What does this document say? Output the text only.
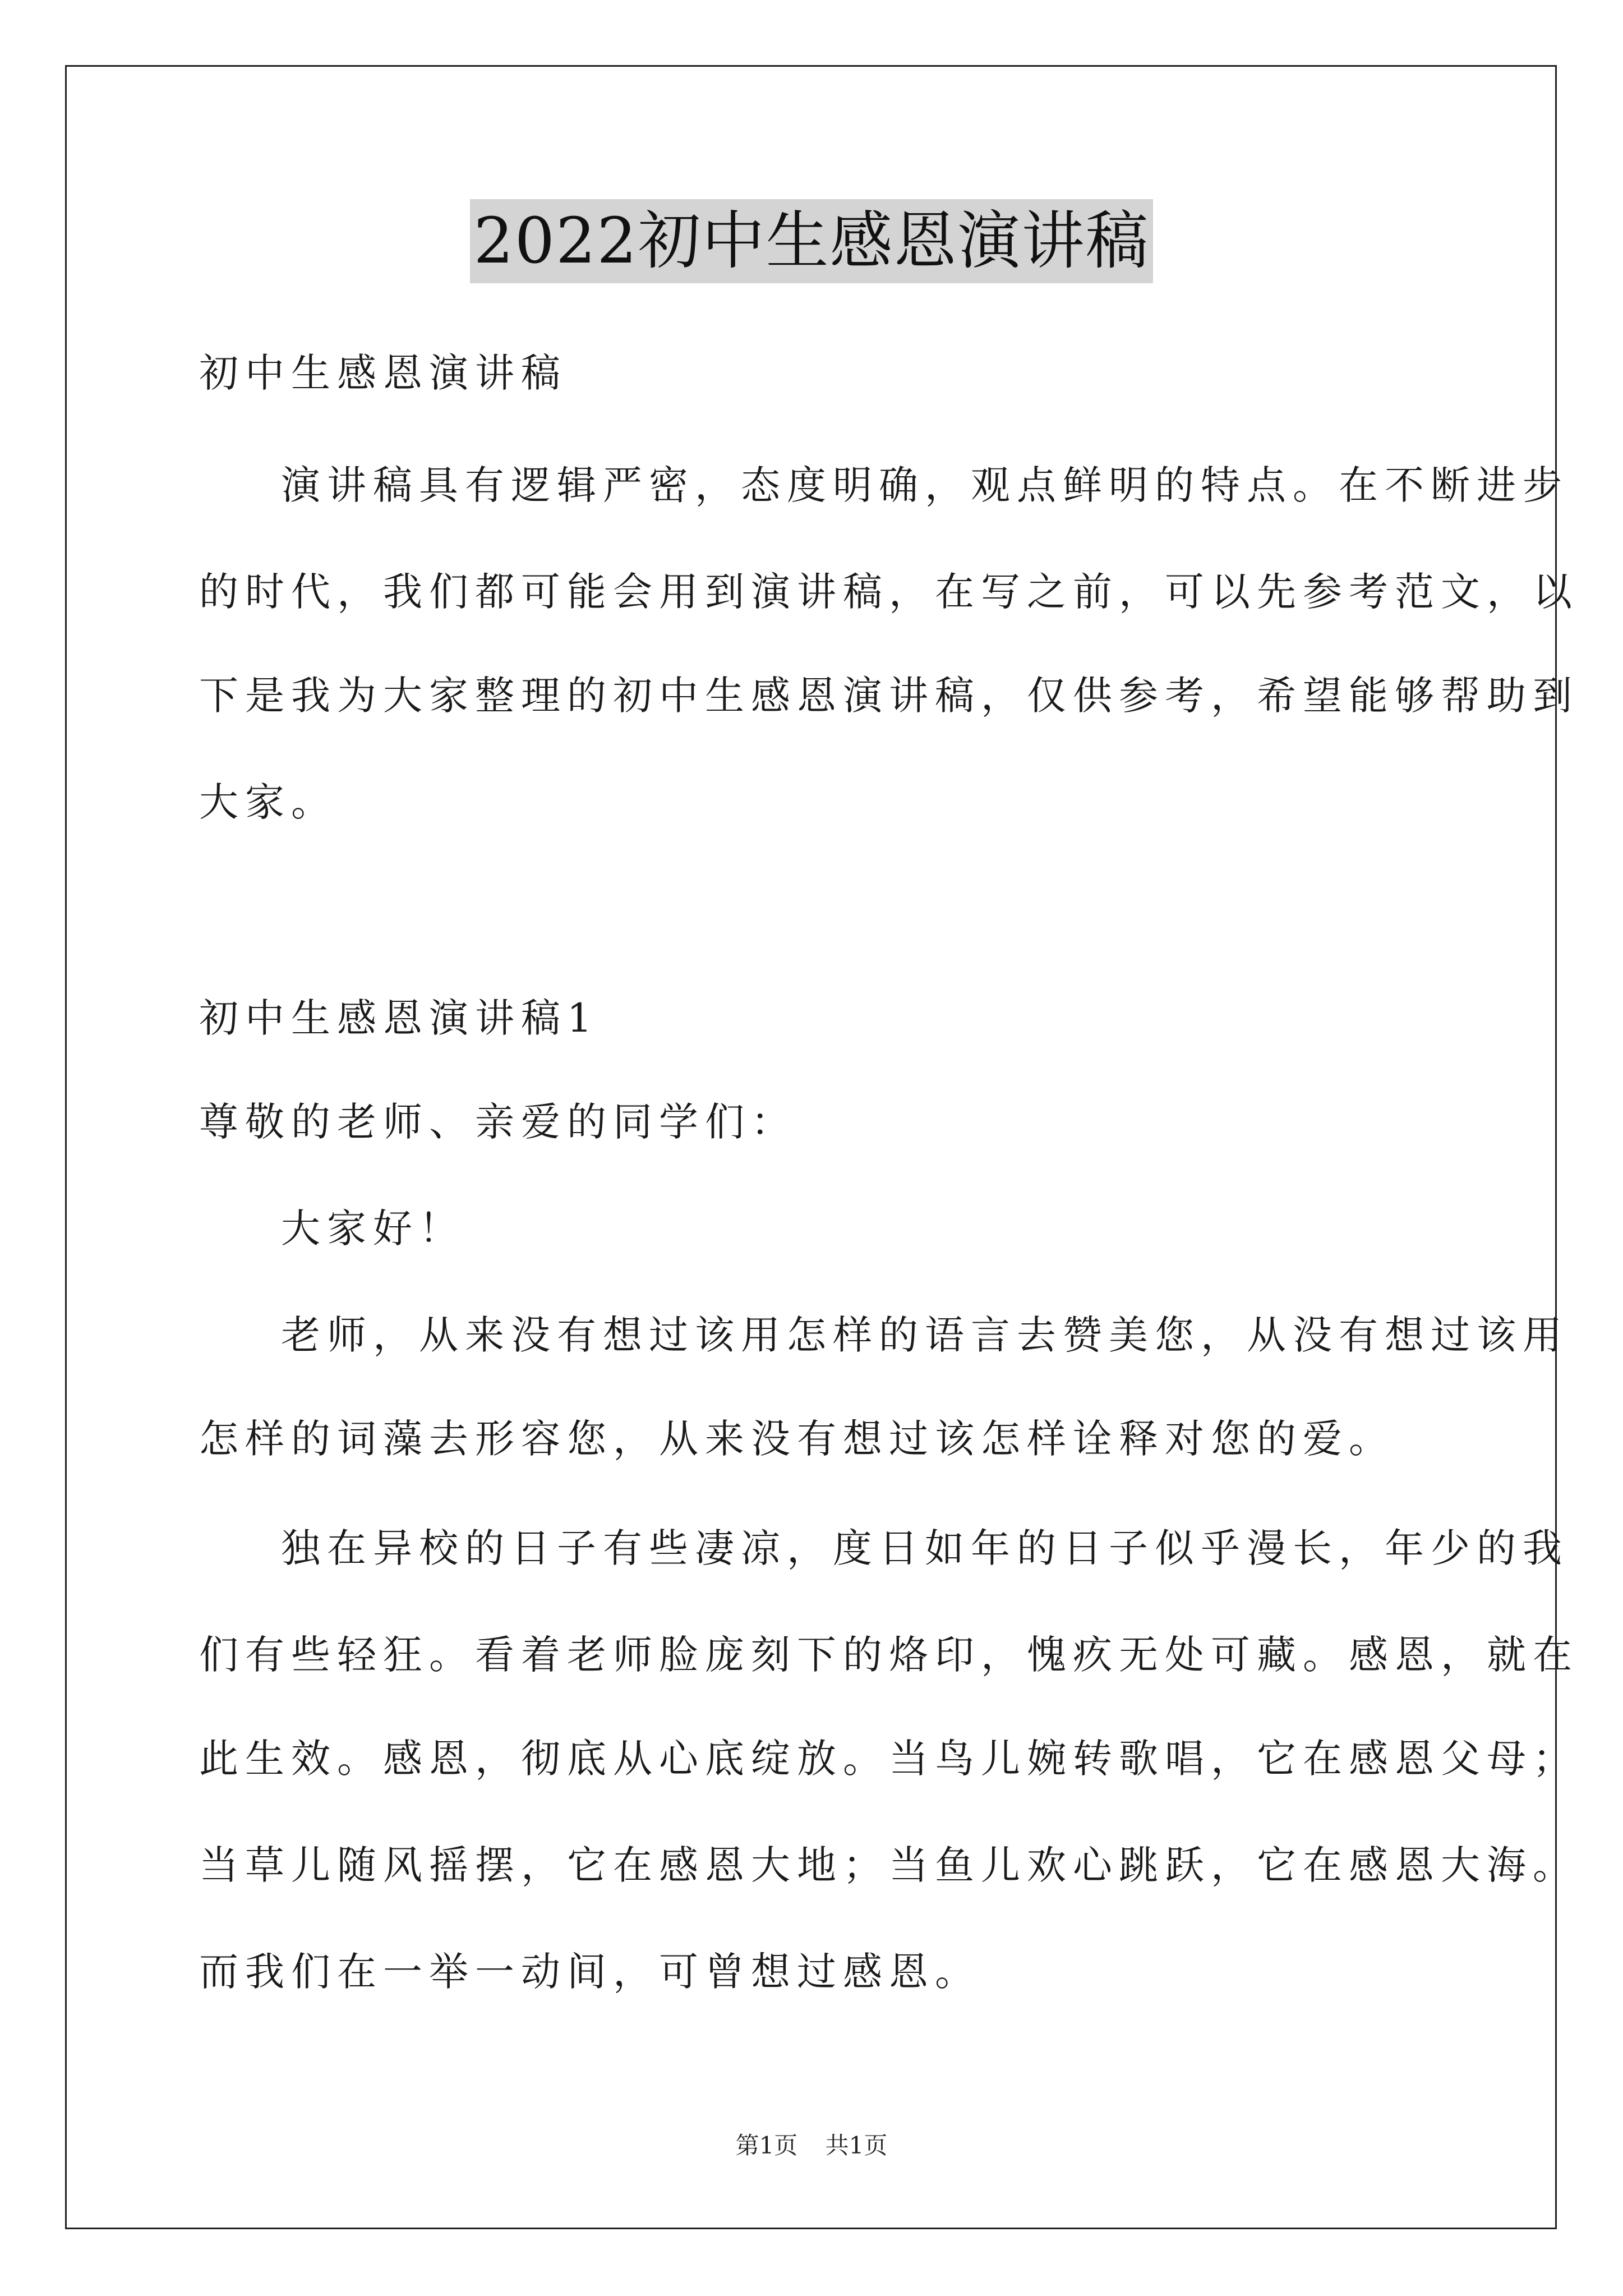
2022初中生感恩演讲稿
初中生感恩演讲稿
演讲稿具有逻辑严密，态度明确，观点鲜明的特点。在不断进步
的时代，我们都可能会用到演讲稿，在写之前，可以先参考范文，以
下是我为大家整理的初中生感恩演讲稿，仅供参考，希望能够帮助到
大家。
初中生感恩演讲稿1
尊敬的老师、亲爱的同学们：
大家好！
老师，从来没有想过该用怎样的语言去赞美您，从没有想过该用
怎样的词藻去形容您，从来没有想过该怎样诠释对您的爱。
独在异校的日子有些凄凉，度日如年的日子似乎漫长，年少的我
们有些轻狂。看着老师脸庞刻下的烙印，愧疚无处可藏。感恩，就在
此生效。感恩，彻底从心底绽放。当鸟儿婉转歌唱，它在感恩父母；
当草儿随风摇摆，它在感恩大地；当鱼儿欢心跳跃，它在感恩大海。
而我们在一举一动间，可曾想过感恩。
第1页 共1页
